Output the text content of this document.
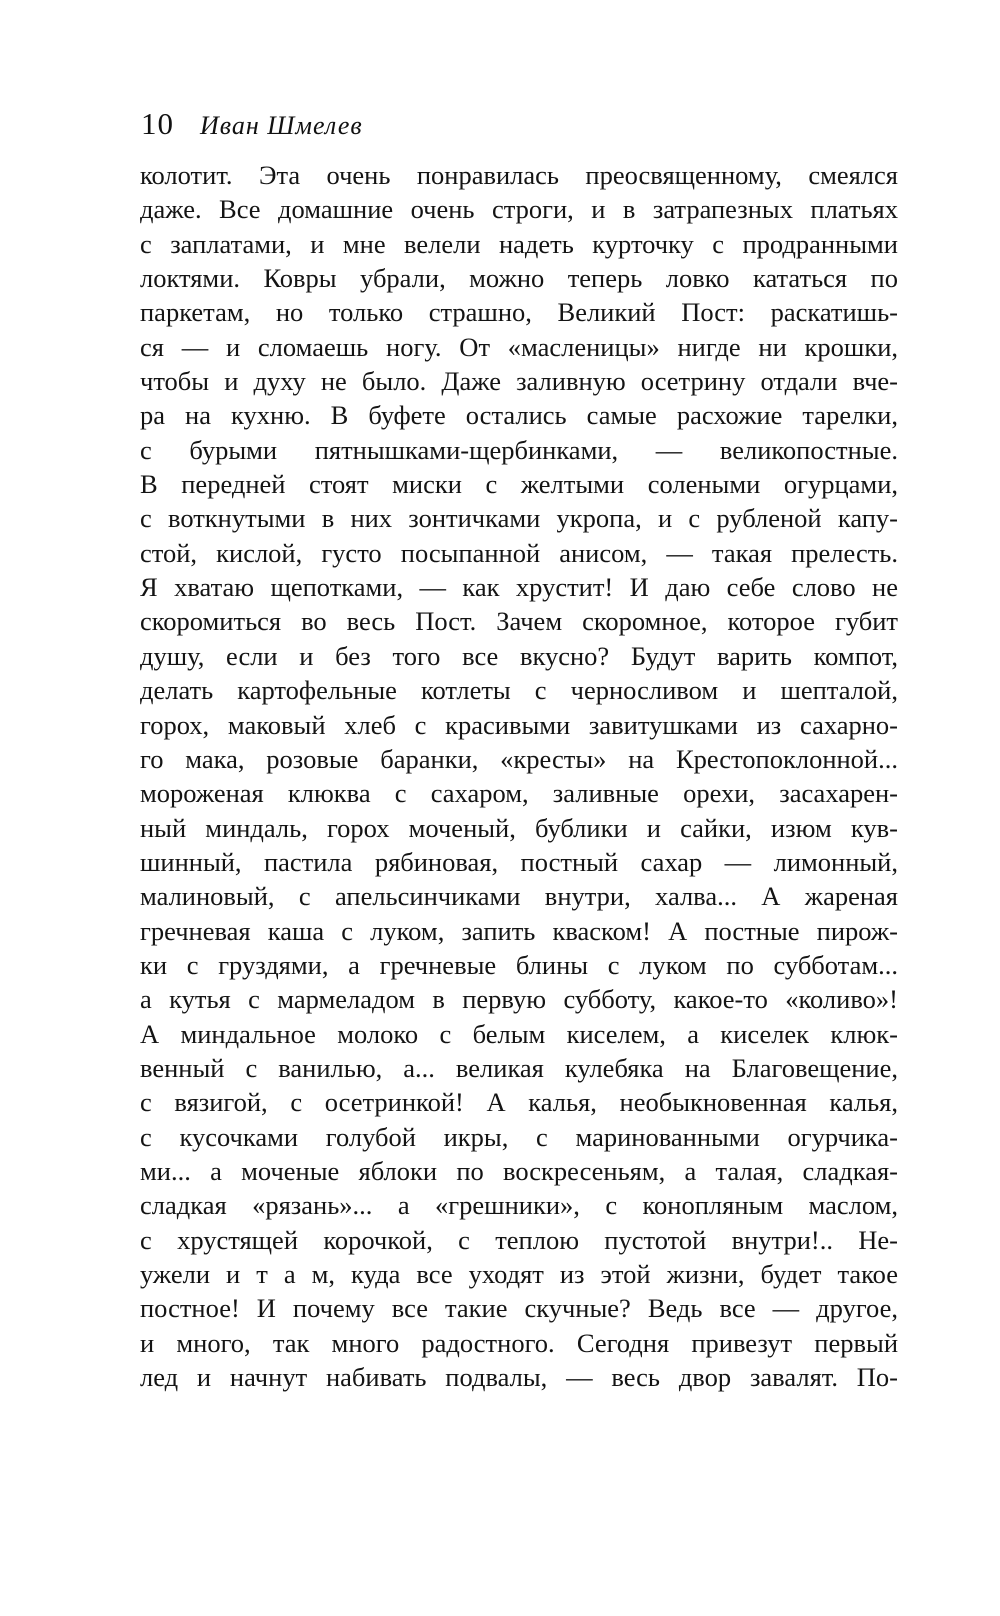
10 Иван Шмелев
колотит. Эта очень понравилась преосвященному, смеялся
даже. Все домашние очень строги, и в затрапезных платьях
с заплатами, и мне велели надеть курточку с продранными
локтями. Ковры убрали, можно теперь ловко кататься по
паркетам, но только страшно, Великий Пост: раскатишь-
ся — и сломаешь ногу. От «масленицы» нигде ни крошки,
чтобы и духу не было. Даже заливную осетрину отдали вче-
ра на кухню. В буфете остались самые расхожие тарелки,
с бурыми пятнышками-щербинками, — великопостные.
В передней стоят миски с желтыми солеными огурцами,
с воткнутыми в них зонтичками укропа, и с рубленой капу-
стой, кислой, густо посыпанной анисом, — такая прелесть.
Я хватаю щепотками, — как хрустит! И даю себе слово не
скоромиться во весь Пост. Зачем скоромное, которое губит
душу, если и без того все вкусно? Будут варить компот,
делать картофельные котлеты с черносливом и шепталой,
горох, маковый хлеб с красивыми завитушками из сахарно-
го мака, розовые баранки, «кресты» на Крестопоклонной...
мороженая клюква с сахаром, заливные орехи, засахарен-
ный миндаль, горох моченый, бублики и сайки, изюм кув-
шинный, пастила рябиновая, постный сахар — лимонный,
малиновый, с апельсинчиками внутри, халва... А жареная
гречневая каша с луком, запить кваском! А постные пирож-
ки с груздями, а гречневые блины с луком по субботам...
а кутья с мармеладом в первую субботу, какое-то «коливо»!
А миндальное молоко с белым киселем, а киселек клюк-
венный с ванилью, а... великая кулебяка на Благовещение,
с вязигой, с осетринкой! А калья, необыкновенная калья,
с кусочками голубой икры, с маринованными огурчика-
ми... а моченые яблоки по воскресеньям, а талая, сладкая-
сладкая «рязань»... а «грешники», с конопляным маслом,
с хрустящей корочкой, с теплою пустотой внутри!.. Не-
ужели и т а м, куда все уходят из этой жизни, будет такое
постное! И почему все такие скучные? Ведь все — другое,
и много, так много радостного. Сегодня привезут первый
лед и начнут набивать подвалы, — весь двор завалят. По-
